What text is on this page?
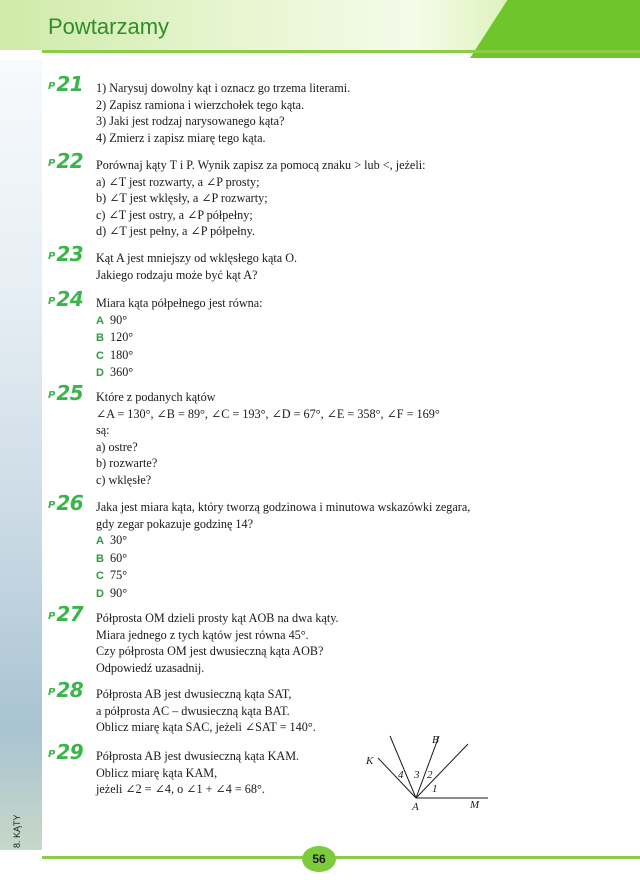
Powtarzamy
P21	1) Narysuj dowolny kąt i oznacz go trzema literami.
2) Zapisz ramiona i wierzchołek tego kąta.
3) Jaki jest rodzaj narysowanego kąta?
4) Zmierz i zapisz miarę tego kąta.
P22	Porównaj kąty T i P. Wynik zapisz za pomocą znaku > lub <, jeżeli:
a) ∠T jest rozwarty, a ∠P prosty;
b) ∠T jest wklęsły, a ∠P rozwarty;
c) ∠T jest ostry, a ∠P półpełny;
d) ∠T jest pełny, a ∠P półpełny.
P23	Kąt A jest mniejszy od wklęsłego kąta O.
Jakiego rodzaju może być kąt A?
P24	Miara kąta półpełnego jest równa:
A 90°
B 120°
C 180°
D 360°
P25	Które z podanych kątów
∠A = 130°, ∠B = 89°, ∠C = 193°, ∠D = 67°, ∠E = 358°, ∠F = 169°
są:
a) ostre?
b) rozwarte?
c) wklęsłe?
P26	Jaka jest miara kąta, który tworzą godzinowa i minutowa wskazówki zegara,
gdy zegar pokazuje godzinę 14?
A 30°
B 60°
C 75°
D 90°
P27	Półprosta OM dzieli prosty kąt AOB na dwa kąty.
Miara jednego z tych kątów jest równa 45°.
Czy półprosta OM jest dwusieczną kąta AOB?
Odpowiedź uzasadnij.
P28	Półprosta AB jest dwusieczną kąta SAT,
a półprosta AC – dwusieczną kąta BAT.
Oblicz miarę kąta SAC, jeżeli ∠SAT = 140°.
P29	Półprosta AB jest dwusieczną kąta KAM.
Oblicz miarę kąta KAM,
jeżeli ∠2 = ∠4, o ∠1 + ∠4 = 68°.
K
B
A	M
4 3 2
1
8. KĄTY
56
